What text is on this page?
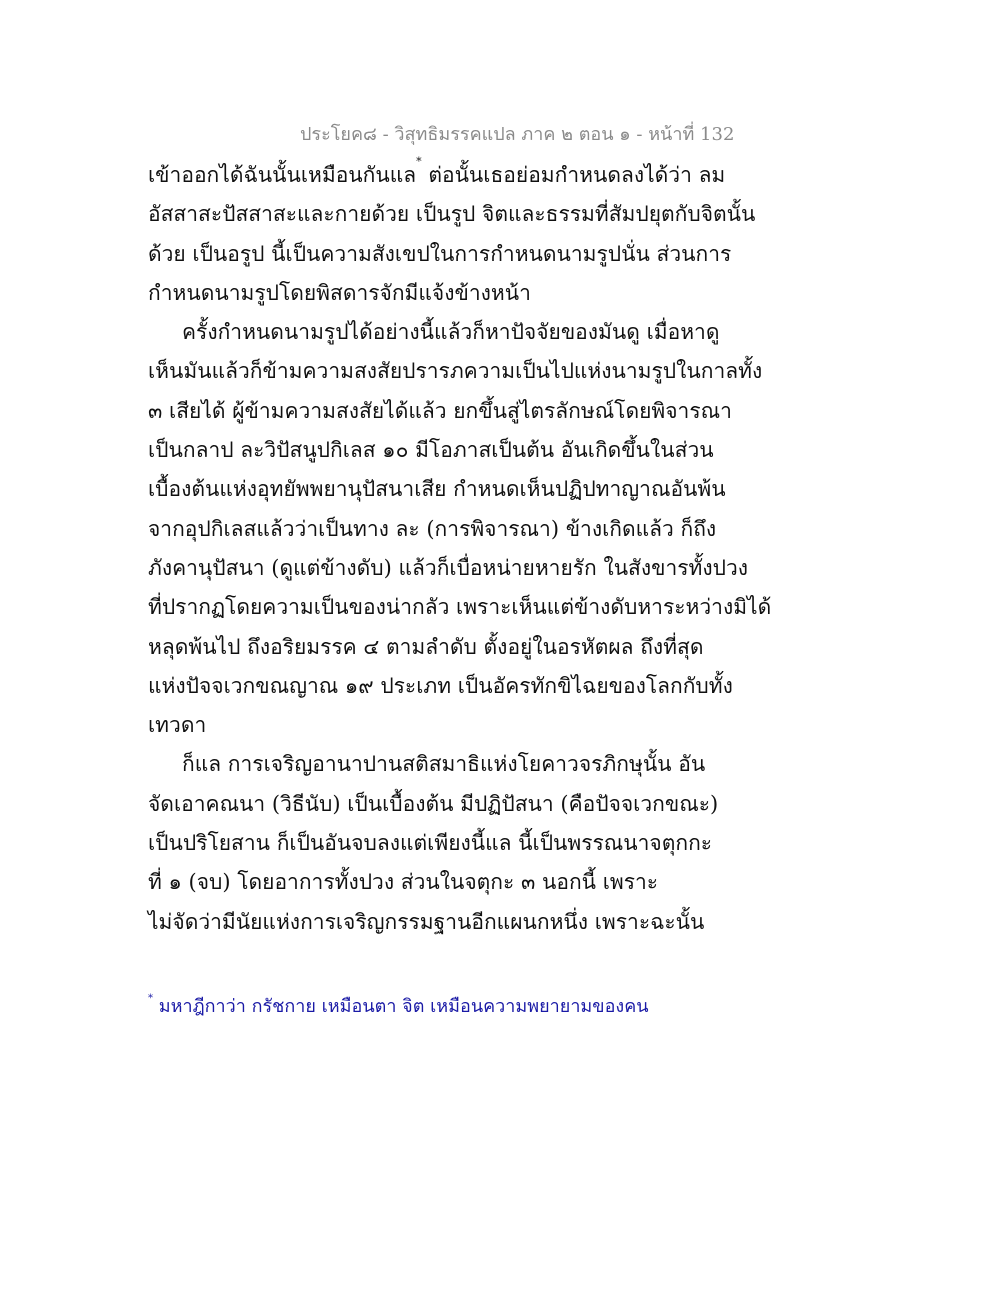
ประโยค๘ - วิสุทธิมรรคแปล ภาค ๒ ตอน ๑ - หน้าที่ 132
เข้าออกได้ฉันนั้นเหมือนกันแล* ต่อนั้นเธอย่อมกำหนดลงได้ว่า ลม
อัสสาสะปัสสาสะและกายด้วย เป็นรูป จิตและธรรมที่สัมปยุตกับจิตนั้น
ด้วย เป็นอรูป นี้เป็นความสังเขปในการกำหนดนามรูปนั่น ส่วนการ
กำหนดนามรูปโดยพิสดารจักมีแจ้งข้างหน้า
ครั้งกำหนดนามรูปได้อย่างนี้แล้วก็หาปัจจัยของมันดู เมื่อหาดู
เห็นมันแล้วก็ข้ามความสงสัยปรารภความเป็นไปแห่งนามรูปในกาลทั้ง
๓ เสียได้ ผู้ข้ามความสงสัยได้แล้ว ยกขึ้นสู่ไตรลักษณ์โดยพิจารณา
เป็นกลาป ละวิปัสนูปกิเลส ๑๐ มีโอภาสเป็นต้น อันเกิดขึ้นในส่วน
เบื้องต้นแห่งอุทยัพพยานุปัสนาเสีย กำหนดเห็นปฏิปทาญาณอันพ้น
จากอุปกิเลสแล้วว่าเป็นทาง ละ (การพิจารณา) ข้างเกิดแล้ว ก็ถึง
ภังคานุปัสนา (ดูแต่ข้างดับ) แล้วก็เบื่อหน่ายหายรัก ในสังขารทั้งปวง
ที่ปรากฏโดยความเป็นของน่ากลัว เพราะเห็นแต่ข้างดับหาระหว่างมิได้
หลุดพ้นไป ถึงอริยมรรค ๔ ตามลำดับ ตั้งอยู่ในอรหัตผล ถึงที่สุด
แห่งปัจจเวกขณญาณ ๑๙ ประเภท เป็นอัครทักขิไฉยของโลกกับทั้ง
เทวดา
ก็แล การเจริญอานาปานสติสมาธิแห่งโยคาวจรภิกษุนั้น อัน
จัดเอาคณนา (วิธีนับ) เป็นเบื้องต้น มีปฏิปัสนา (คือปัจจเวกขณะ)
เป็นปริโยสาน ก็เป็นอันจบลงแต่เพียงนี้แล นี้เป็นพรรณนาจตุกกะ
ที่ ๑ (จบ) โดยอาการทั้งปวง ส่วนในจตุกะ ๓ นอกนี้ เพราะ
ไม่จัดว่ามีนัยแห่งการเจริญกรรมฐานอีกแผนกหนึ่ง เพราะฉะนั้น
* มหาฎีกาว่า กรัชกาย เหมือนตา จิต เหมือนความพยายามของคน
